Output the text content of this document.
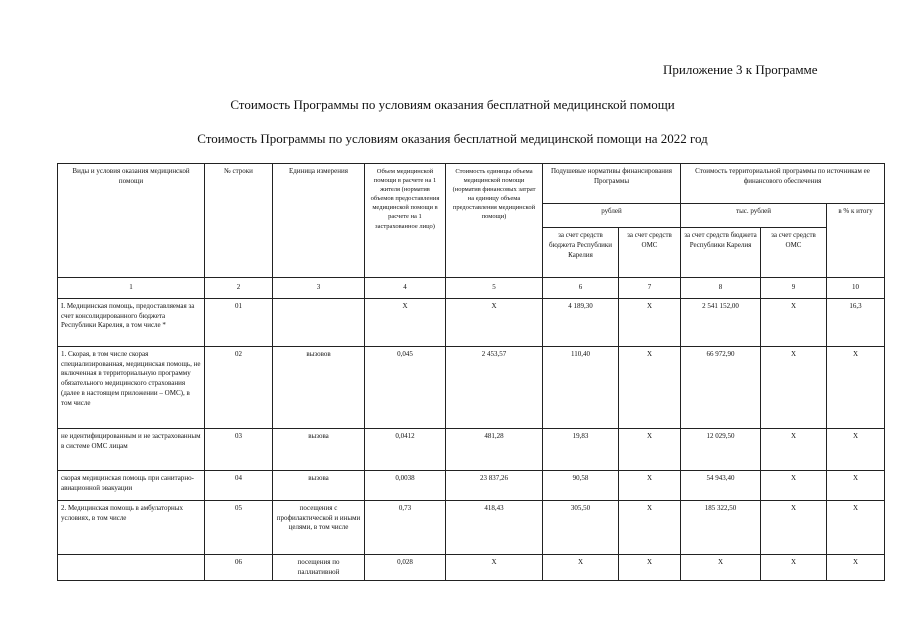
Приложение 3 к Программе
Стоимость Программы по условиям оказания бесплатной медицинской помощи
Стоимость Программы по условиям оказания бесплатной медицинской помощи на 2022 год
Виды и условия оказания медицинской помощи	№ строки	Единица измерения	Объем медицинской помощи в расчете на 1 жителя (норматив объемов предоставления медицинской помощи в расчете на 1 застрахованное лицо)	Стоимость единицы объема медицинской помощи (норматив финансовых затрат на единицу объема предоставления медицинской помощи)	Подушевые нормативы финансирования Программы		Стоимость территориальной программы по источникам ее финансового обеспечения		

					рублей		тыс. рублей		в % к итогу

					за счет средств бюджета Республики Карелия	за счет средств ОМС	за счет средств бюджета Республики Карелия	за счет средств ОМС	

1	2	3	4	5	6	7	8	9	10
I. Медицинская помощь, предоставляемая за счет консолидированного бюджета Республики Карелия, в том числе *	01		X	X	4 189,30	X	2 541 152,00	X	16,3
1. Скорая, в том числе скорая специализированная, медицинская помощь, не включенная в территориальную программу обязательного медицинского страхования (далее в настоящем приложении – ОМС), в том числе	02	вызовов	0,045	2 453,57	110,40	X	66 972,90	X	X
не идентифицированным и не застрахованным в системе ОМС лицам	03	вызова	0,0412	481,28	19,83	X	12 029,50	X	X
скорая медицинская помощь при санитарно-авиационной эвакуации	04	вызова	0,0038	23 837,26	90,58	X	54 943,40	X	X
2. Медицинская помощь в амбулаторных условиях, в том числе	05	посещения с профилактической и иными целями, в том числе	0,73	418,43	305,50	X	185 322,50	X	X
	06	посещения по паллиативной	0,028	X	X	X	X	X	X
